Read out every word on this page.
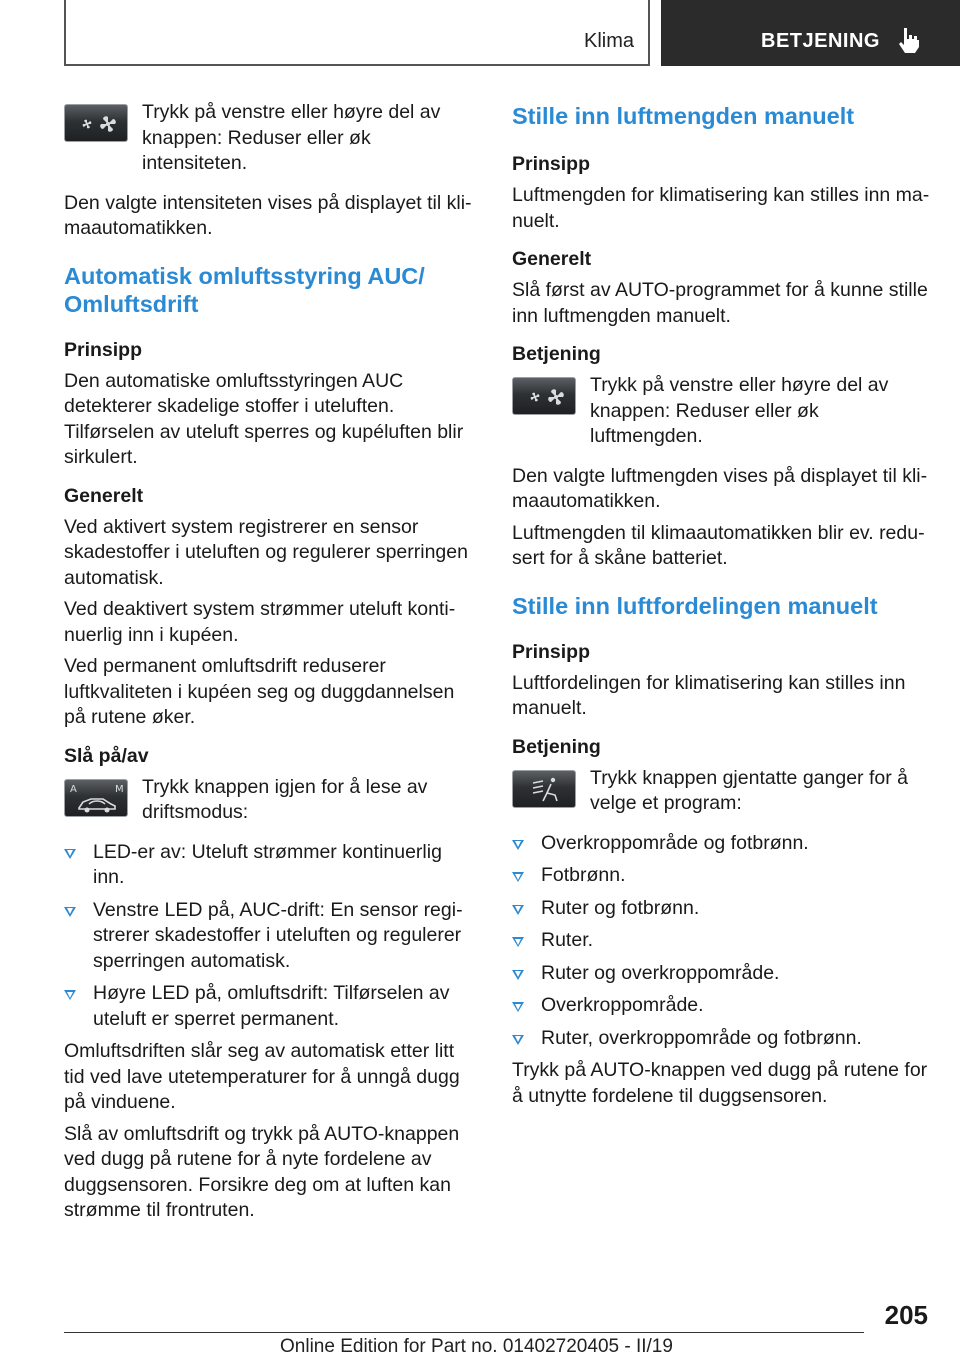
Klima	BETJENING
Trykk på venstre eller høyre del av knappen: Reduser eller øk intensiteten.

Den valgte intensiteten vises på displayet til klimaautomatikken.

Automatisk omluftsstyring AUC/ Omluftsdrift
Prinsipp

Den automatiske omluftsstyringen AUC detekterer skadelige stoffer i uteluften. Tilførselen av uteluft sperres og kupéluften blir sirkulert.

Generelt

Ved aktivert system registrerer en sensor skadestoffer i uteluften og regulerer sperringen automatisk.

Ved deaktivert system strømmer uteluft kontinuerlig inn i kupéen.

Ved permanent omluftsdrift reduserer luftkvaliteten i kupéen seg og duggdannelsen på rutene øker.

Slå på/av
A	M Trykk knappen igjen for å lese av driftsmodus:
LED-er av: Uteluft strømmer kontinuerlig inn.
Venstre LED på, AUC-drift: En sensor registrerer skadestoffer i uteluften og regulerer sperringen automatisk.
Høyre LED på, omluftsdrift: Tilførselen av uteluft er sperret permanent.

Omluftsdriften slår seg av automatisk etter litt tid ved lave utetemperaturer for å unngå dugg på vinduene.

Slå av omluftsdrift og trykk på AUTO-knappen ved dugg på rutene for å nyte fordelene av duggsensoren. Forsikre deg om at luften kan strømme til frontruten.

Stille inn luftmengden manuelt
Prinsipp

Luftmengden for klimatisering kan stilles inn manuelt.

Generelt

Slå først av AUTO-programmet for å kunne stille inn luftmengden manuelt.

Betjening
Trykk på venstre eller høyre del av knappen: Reduser eller øk luftmengden.

Den valgte luftmengden vises på displayet til klimaautomatikken.

Luftmengden til klimaautomatikken blir ev. redusert for å skåne batteriet.

Stille inn luftfordelingen manuelt
Prinsipp

Luftfordelingen for klimatisering kan stilles inn manuelt.

Betjening
Trykk knappen gjentatte ganger for å velge et program:
Overkroppområde og fotbrønn.
Fotbrønn.
Ruter og fotbrønn.
Ruter.
Ruter og overkroppområde.
Overkroppområde.
Ruter, overkroppområde og fotbrønn.

Trykk på AUTO-knappen ved dugg på rutene for å utnytte fordelene til duggsensoren.

205
Online Edition for Part no. 01402720405 - II/19
